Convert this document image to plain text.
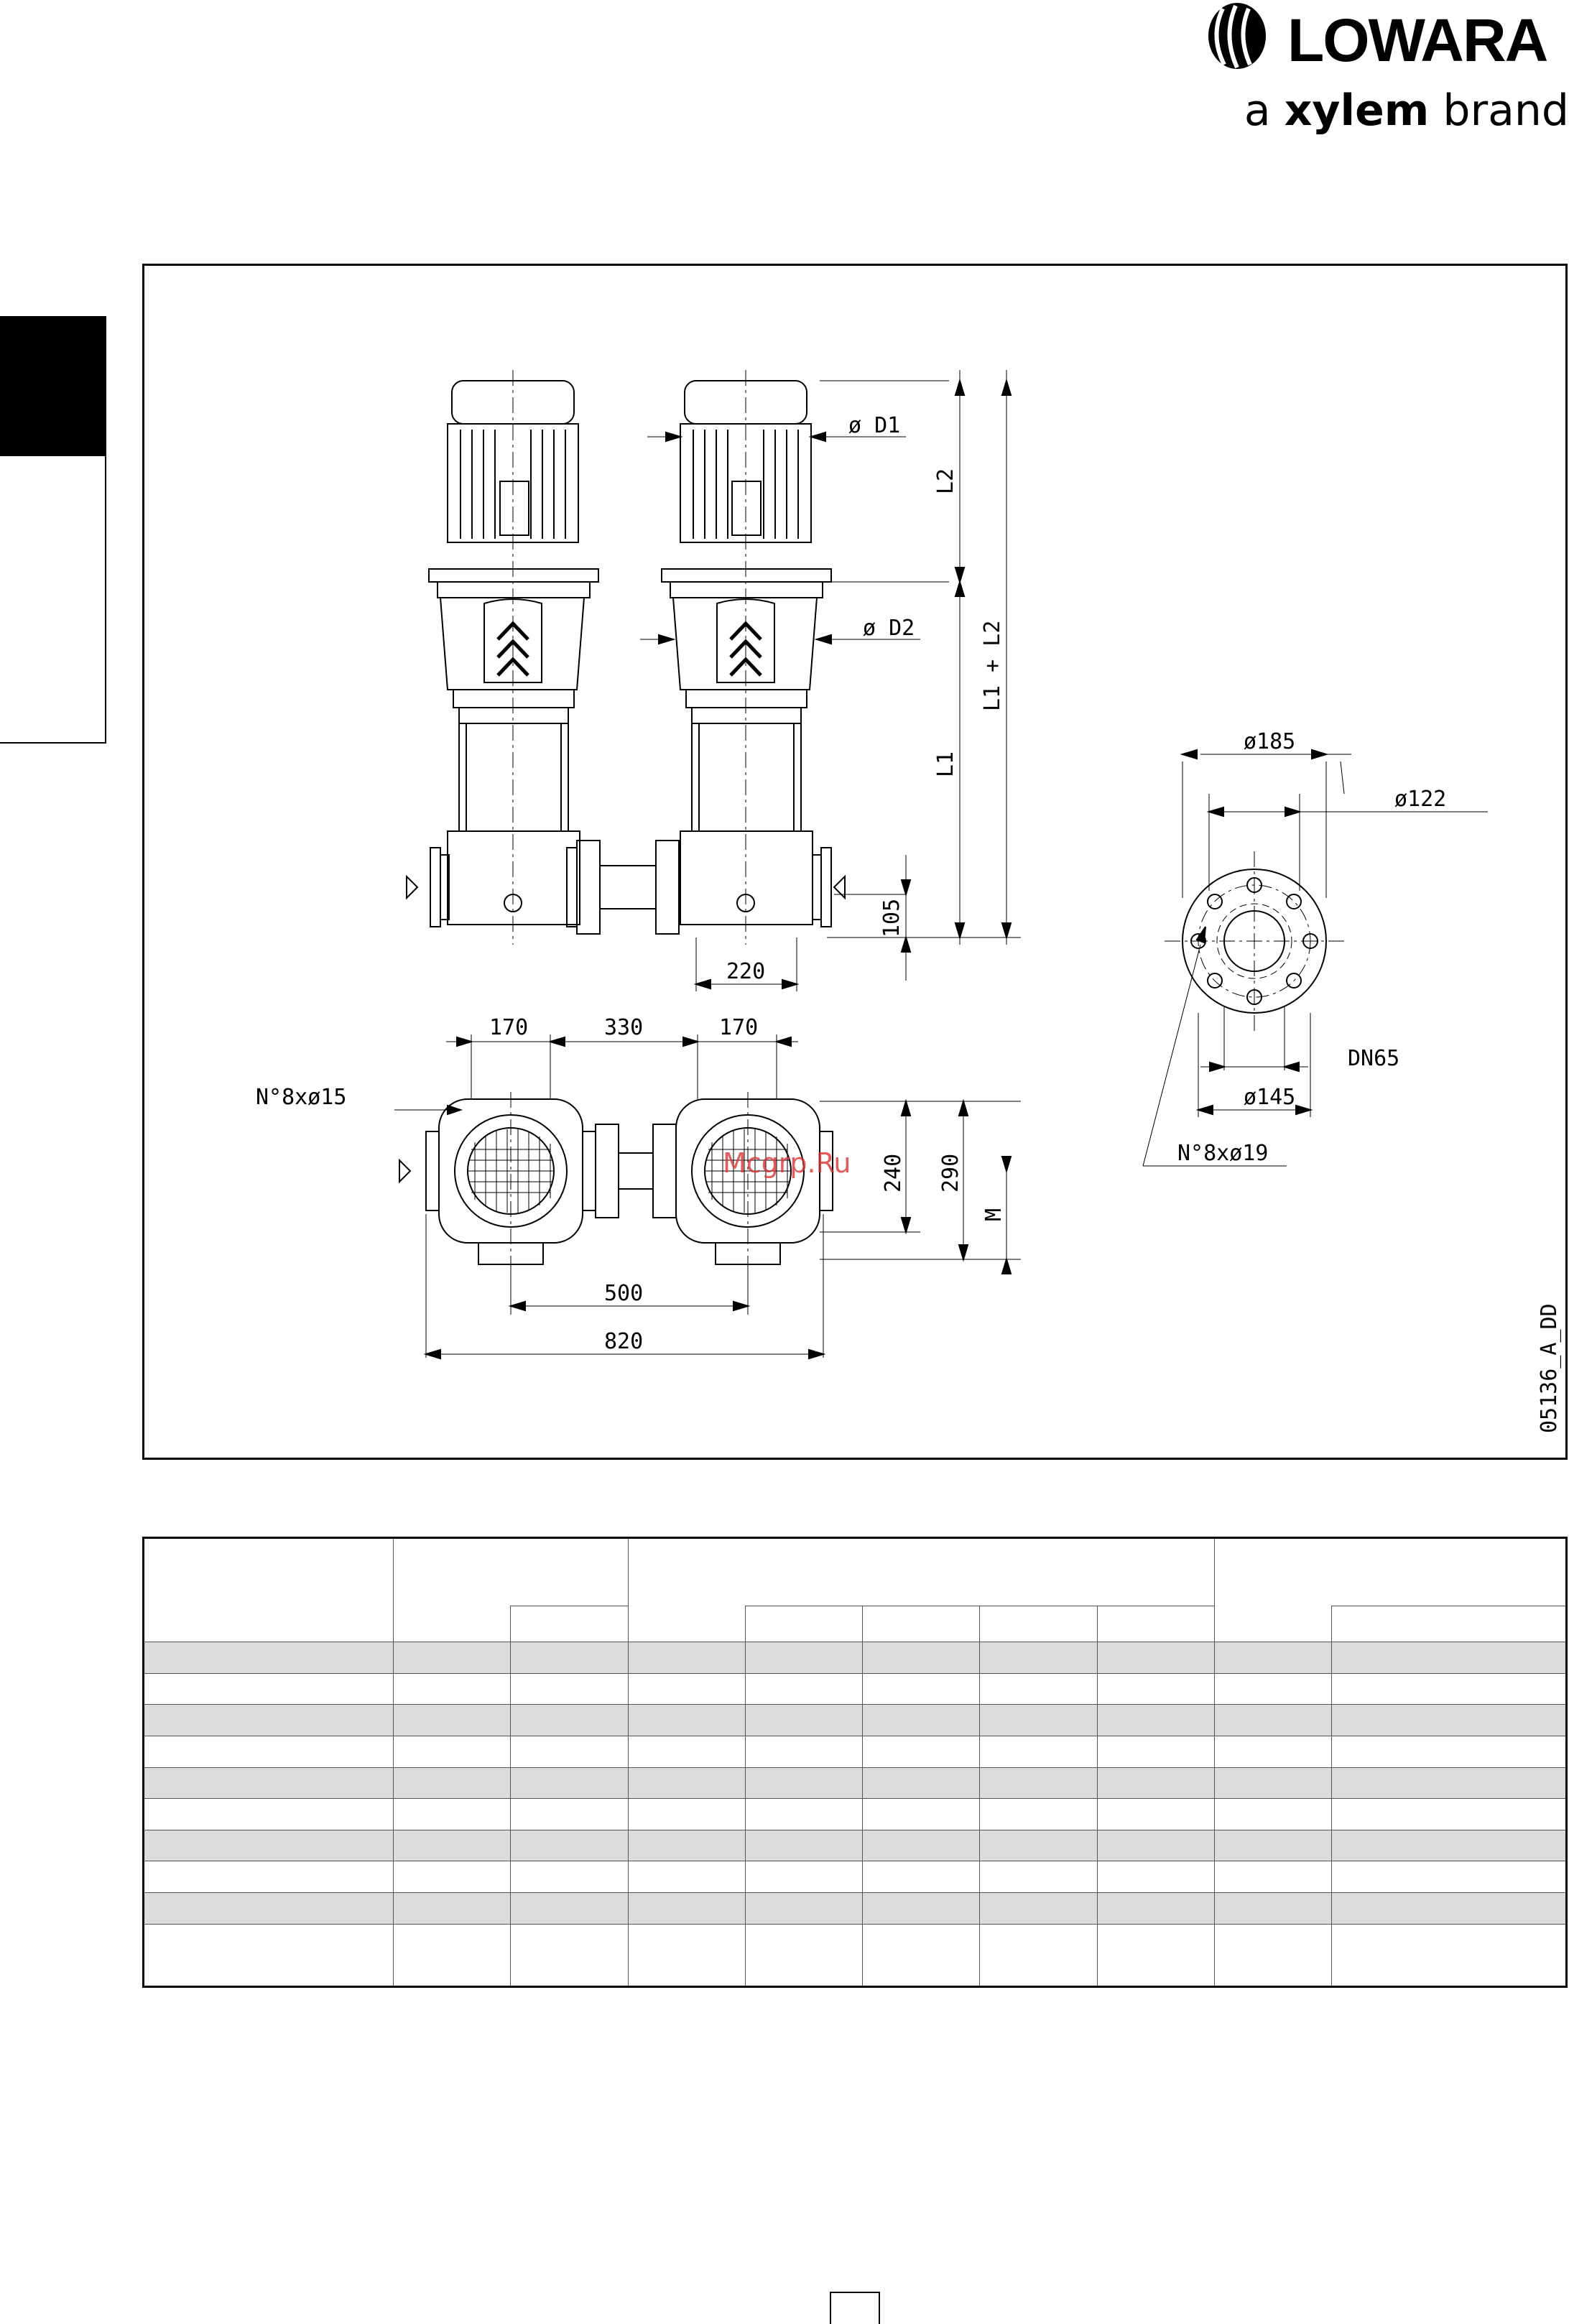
LOWARA
a xylem brand
ø D1
ø D2
L2
L1
L1 + L2
105
220
170	330	170
N°8xø15
240 290
M
500
820
ø185
ø122
DN65
ø145
N°8xø19
05136_A_DD
Mcgrp.Ru
